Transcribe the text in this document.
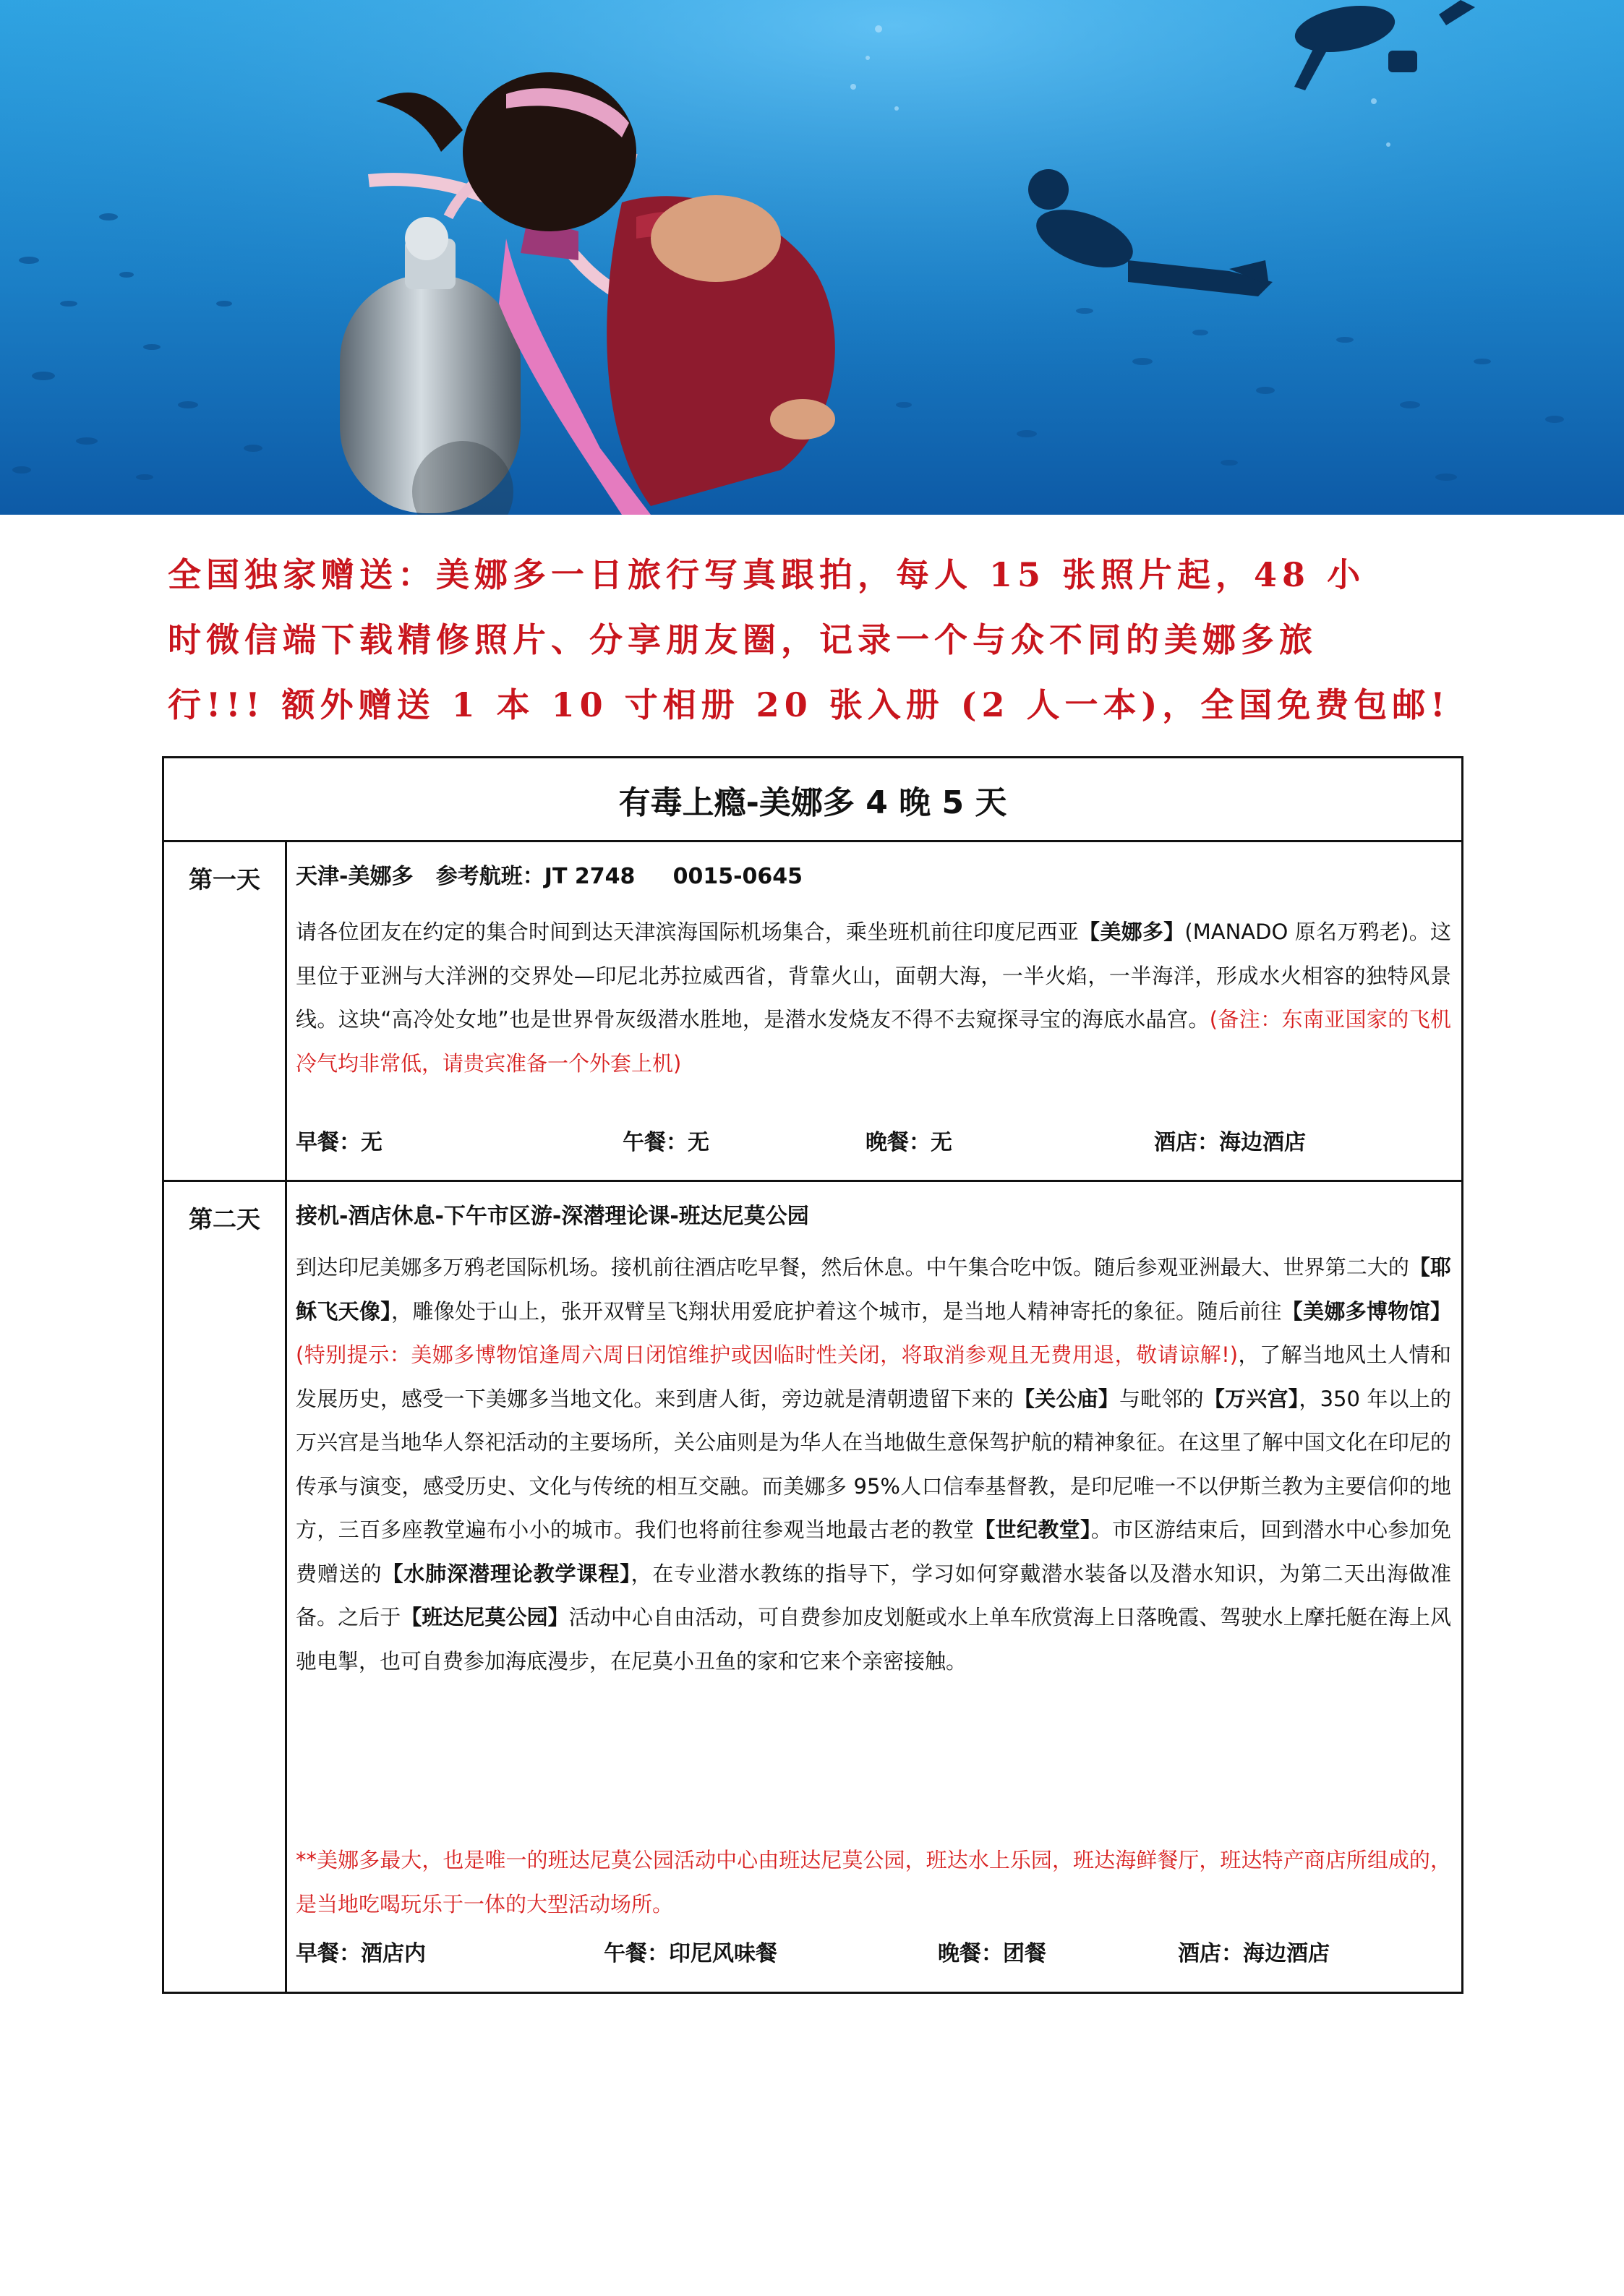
全国独家赠送：美娜多一日旅行写真跟拍，每人 15 张照片起，48 小

时微信端下载精修照片、分享朋友圈，记录一个与众不同的美娜多旅

行!!! 额外赠送 1 本 10 寸相册 20 张入册 (2 人一本)，全国免费包邮!

有毒上瘾-美娜多 4 晚 5 天
第一天	天津-美娜多   参考航班：JT 2748     0015-0645

请各位团友在约定的集合时间到达天津滨海国际机场集合，乘坐班机前往印度尼西亚【美娜多】(MANADO 原名万鸦老)。这里位于亚洲与大洋洲的交界处—印尼北苏拉威西省，背靠火山，面朝大海，一半火焰，一半海洋，形成水火相容的独特风景线。这块“高冷处女地”也是世界骨灰级潜水胜地，是潜水发烧友不得不去窥探寻宝的海底水晶宫。(备注：东南亚国家的飞机冷气均非常低，请贵宾准备一个外套上机)

早餐：无	午餐：无	晚餐：无	酒店：海边酒店
第二天	接机-酒店休息-下午市区游-深潜理论课-班达尼莫公园

到达印尼美娜多万鸦老国际机场。接机前往酒店吃早餐，然后休息。中午集合吃中饭。随后参观亚洲最大、世界第二大的【耶稣飞天像】，雕像处于山上，张开双臂呈飞翔状用爱庇护着这个城市，是当地人精神寄托的象征。随后前往【美娜多博物馆】(特别提示：美娜多博物馆逢周六周日闭馆维护或因临时性关闭，将取消参观且无费用退，敬请谅解!)，了解当地风土人情和发展历史，感受一下美娜多当地文化。来到唐人街，旁边就是清朝遗留下来的【关公庙】与毗邻的【万兴宫】，350 年以上的万兴宫是当地华人祭祀活动的主要场所，关公庙则是为华人在当地做生意保驾护航的精神象征。在这里了解中国文化在印尼的传承与演变，感受历史、文化与传统的相互交融。而美娜多 95%人口信奉基督教，是印尼唯一不以伊斯兰教为主要信仰的地方，三百多座教堂遍布小小的城市。我们也将前往参观当地最古老的教堂【世纪教堂】。市区游结束后，回到潜水中心参加免费赠送的【水肺深潜理论教学课程】，在专业潜水教练的指导下，学习如何穿戴潜水装备以及潜水知识，为第二天出海做准备。之后于【班达尼莫公园】活动中心自由活动，可自费参加皮划艇或水上单车欣赏海上日落晚霞、驾驶水上摩托艇在海上风驰电掣，也可自费参加海底漫步，在尼莫小丑鱼的家和它来个亲密接触。

**美娜多最大，也是唯一的班达尼莫公园活动中心由班达尼莫公园，班达水上乐园，班达海鲜餐厅，班达特产商店所组成的，是当地吃喝玩乐于一体的大型活动场所。

早餐：酒店内	午餐：印尼风味餐	晚餐：团餐	酒店：海边酒店
